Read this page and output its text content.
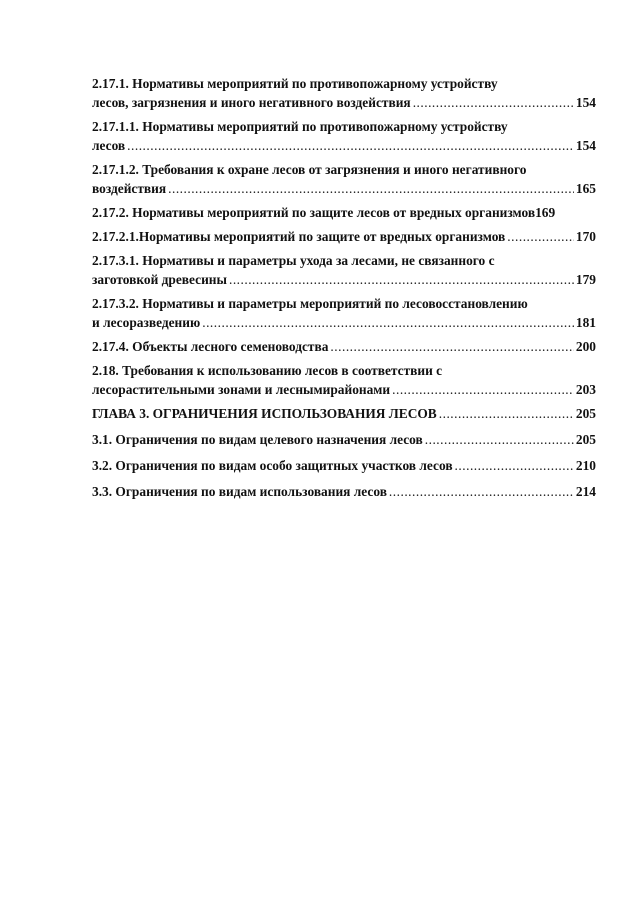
2.17.1. Нормативы мероприятий по противопожарному устройству
лесов, загрязнения и иного негативного воздействия .....	154
2.17.1.1. Нормативы мероприятий по противопожарному устройству
лесов .....	154
2.17.1.2. Требования к охране лесов от загрязнения и иного негативного
воздействия .....	165
2.17.2. Нормативы мероприятий по защите лесов от вредных организмов 169
2.17.2.1.Нормативы мероприятий по защите от вредных организмов .....	170
2.17.3.1. Нормативы и параметры ухода за лесами, не связанного с
заготовкой древесины .....	179
2.17.3.2. Нормативы и параметры мероприятий по лесовосстановлению
и лесоразведению .....	181
2.17.4. Объекты лесного семеноводства .....	200
2.18. Требования к использованию лесов в соответствии с
лесорастительными зонами и леснымирайонами .....	203
ГЛАВА 3. ОГРАНИЧЕНИЯ ИСПОЛЬЗОВАНИЯ ЛЕСОВ .....	205
3.1. Ограничения по видам целевого назначения лесов .....	205
3.2. Ограничения по видам особо защитных участков лесов .....	210
3.3. Ограничения по видам использования лесов .....	214
